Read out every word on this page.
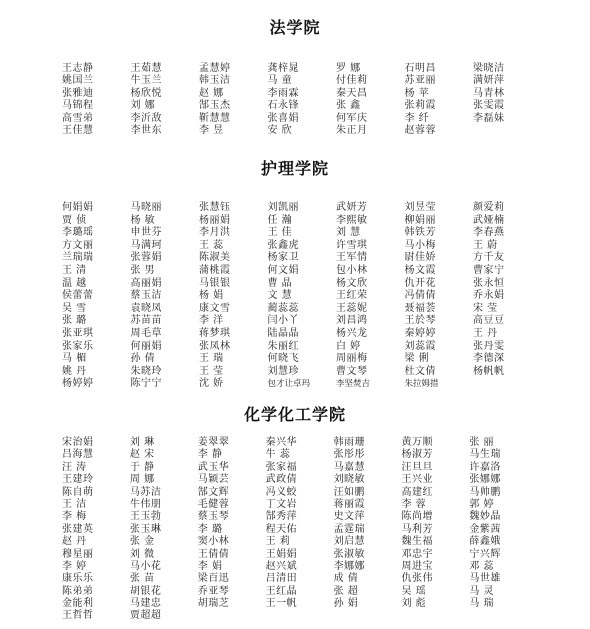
法学院
王志静	王茹慧	孟慧婷	龚梓晁	罗 娜	石明昌	梁晓洁
姚国兰	牛玉兰	韩玉洁	马 童	付佳莉	苏亚丽	满妍萍
张雅迪	杨欣悦	赵 娜	李雨霖	秦天昌	杨 苹	马青林
马锦程	刘 娜	郜玉杰	石永锋	张 鑫	张莉霞	张雯霞
高雪弟	李沂敌	靳慧慧	张喜娟	何军庆	李 纤	李磊妹
王佳慧	李世东	李 昱	安 欣	朱正月	赵蓉蓉
护理学院
何娟娟	马晓丽	张慧钰	刘凯丽	武妍芳	刘昱莹	颜爱莉
贾 侦	杨 敏	杨丽娟	任 瀚	李熙敏	柳娟丽	武娅楠
李璐瑶	申世芬	李月洪	王 佳	刘 慧	韩铁芳	李春燕
方文丽	马满珂	王 蕊	张鑫虎	许雪琪	马小梅	王 蔚
兰瑞瑞	张蓉娟	陈淑美	杨家卫	王军情	尉佳娇	方千友
王 清	张 男	蒲桃霞	何文娟	包小林	杨文霞	曹家宁
温 越	高丽娟	马银银	曹 晶	杨文欣	仇开花	张永恒
侯蕾蕾	蔡玉洁	杨 娟	文 慧	王红荣	冯倩倩	乔永娟
吴 雪	袁晓凤	康文雪	蔺蕊蕊	王蕊妮	聂福荟	宋 莹
张 璐	苏苗苗	李 洋	闫小丫	刘昌鸿	王於琴	高豆豆
张亚琪	周毛草	蒋梦琪	陆晶晶	杨兴龙	秦婷婷	王 丹
张家乐	何丽娟	张凤林	朱丽红	白 婷	刘蕊霞	张丹雯
马 楣	孙 倩	王 瑞	何晓飞	周丽梅	梁 俐	李德深
姚 丹	朱晓玲	王 莹	刘慧珍	曹文琴	杜文倩	杨帆帆
杨婷婷	陈宁宁	沈 娇	包才让卓玛	李坚焚吉	朱拉姆措
化学化工学院
宋治娟	刘 琳	姜翠翠	秦兴华	韩雨珊	黄万顺	张 丽
吕海慧	赵 宋	李 静	牛 蕊	张彤彤	杨淑芳	马生瑞
汪 涛	于 静	武玉华	张家福	马嘉慧	汪旦旦	许嘉洛
王建玲	周 娜	马颖芸	武政倩	刘晓敏	王兴业	张娜娜
陈自萌	马苏洁	郜文辉	冯义蛟	汪如鹏	高建红	马帅鹏
王 洁	牛伟朋	毛健蓉	丁文岩	蒋丽霞	李 蓉	郭 婷
李 梅	王玉勃	蔡玉琴	郜秀萍	史文萍	陈尚增	魏妙晶
张建英	张玉琳	李 璐	程天佑	孟霆瑞	马利芳	金紫茜
赵 丹	张 金	窦小林	王 莉	刘启慧	魏生福	薛鑫娥
穆星丽	刘 微	王倩倩	王娟娟	张淑敏	邓忠宇	宁兴辉
李 婷	马小花	李 娟	赵兴斌	李娜娜	周进宝	邓 蕊
康乐乐	张 苗	梁百迅	吕清田	成 倩	仇张伟	马世雄
陈弟弟	胡银花	乔亚琴	王红晶	张 超	吴 瑶	马 灵
金能利	马建忠	胡瑞芝	王一帆	孙 娟	刘 彪	马 瑞
王哲哲	贾超超
